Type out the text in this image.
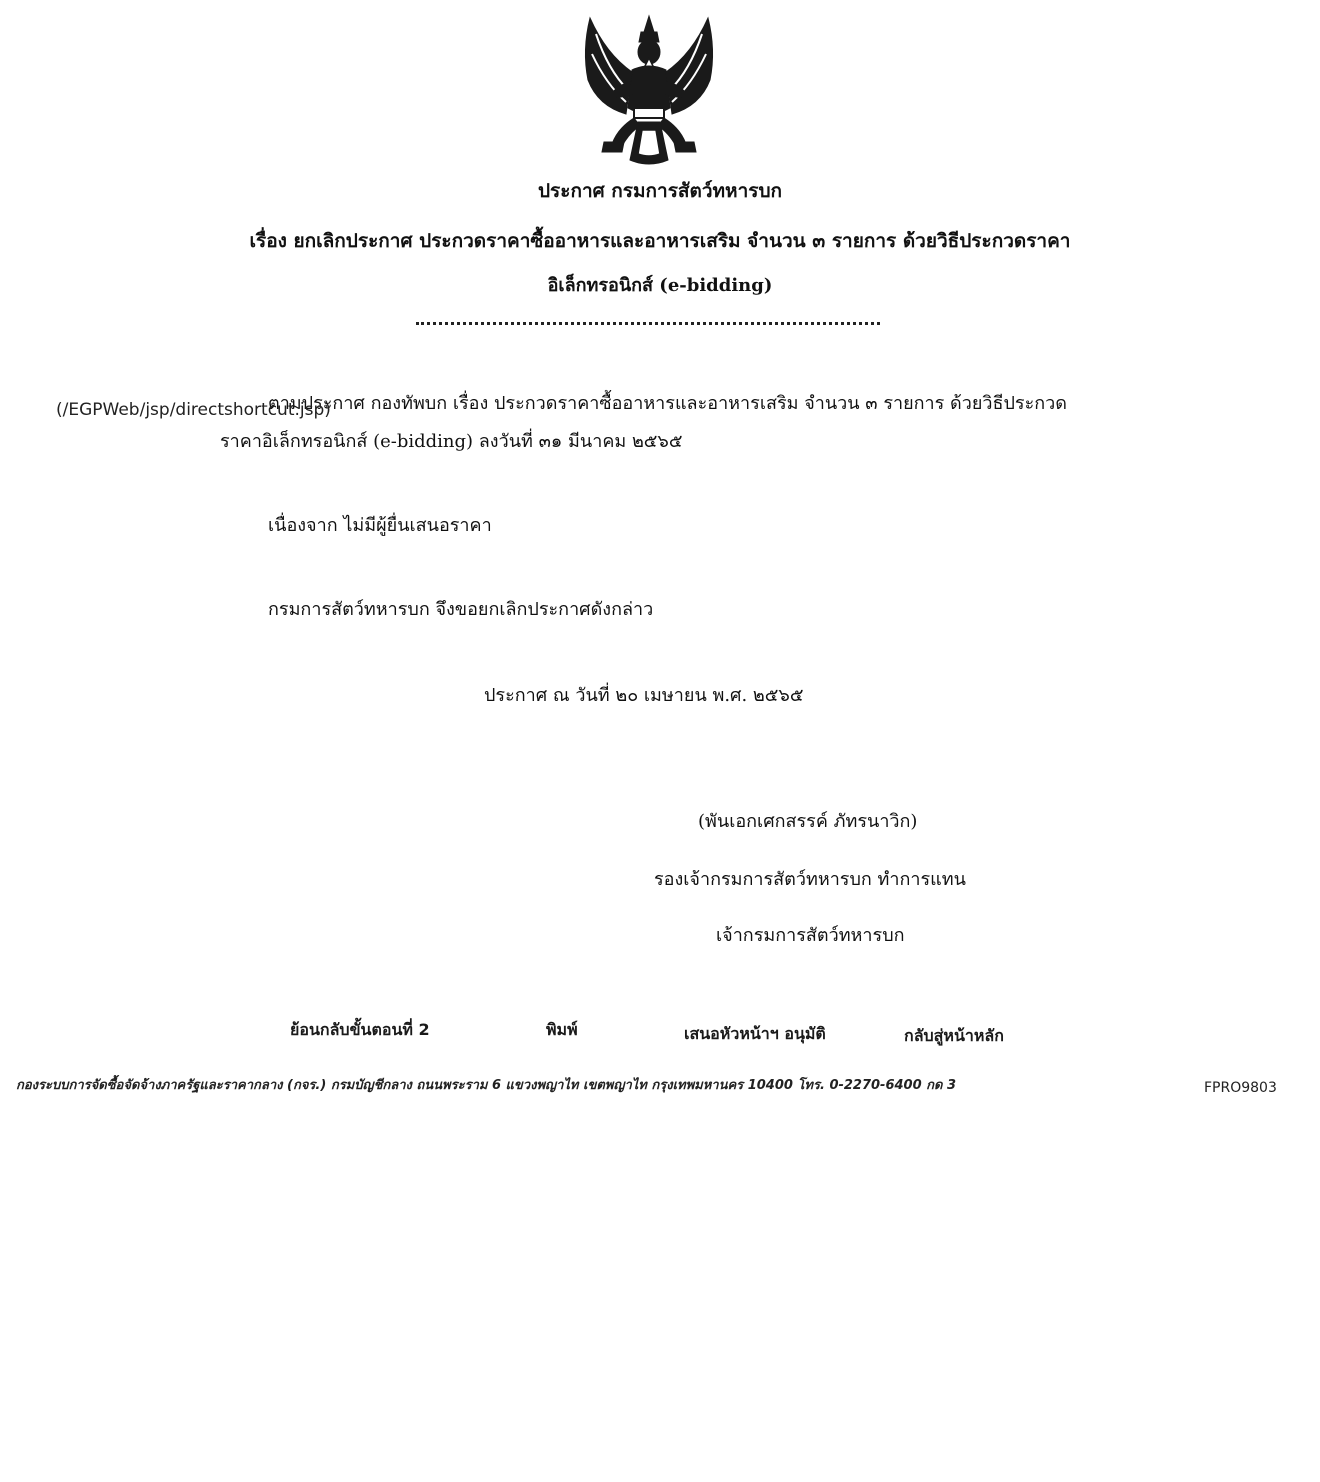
ประกาศ กรมการสัตว์ทหารบก
เรื่อง ยกเลิกประกาศ ประกวดราคาซื้ออาหารและอาหารเสริม จำนวน ๓ รายการ ด้วยวิธีประกวดราคา
อิเล็กทรอนิกส์ (e-bidding)
ตามประกาศ กองทัพบก เรื่อง ประกวดราคาซื้ออาหารและอาหารเสริม จำนวน ๓ รายการ ด้วยวิธีประกวด
(/EGPWeb/jsp/directshortcut.jsp)
ราคาอิเล็กทรอนิกส์ (e-bidding) ลงวันที่ ๓๑ มีนาคม ๒๕๖๕
เนื่องจาก ไม่มีผู้ยื่นเสนอราคา
กรมการสัตว์ทหารบก จึงขอยกเลิกประกาศดังกล่าว
ประกาศ ณ วันที่ ๒๐ เมษายน พ.ศ. ๒๕๖๕
(พันเอกเศกสรรค์ ภัทรนาวิก)
รองเจ้ากรมการสัตว์ทหารบก ทำการแทน
เจ้ากรมการสัตว์ทหารบก
ย้อนกลับขั้นตอนที่ 2	พิมพ์	เสนอหัวหน้าฯ อนุมัติ	กลับสู่หน้าหลัก
กองระบบการจัดซื้อจัดจ้างภาครัฐและราคากลาง (กจร.) กรมบัญชีกลาง ถนนพระราม 6 แขวงพญาไท เขตพญาไท กรุงเทพมหานคร 10400 โทร. 0-2270-6400 กด 3	FPRO9803
